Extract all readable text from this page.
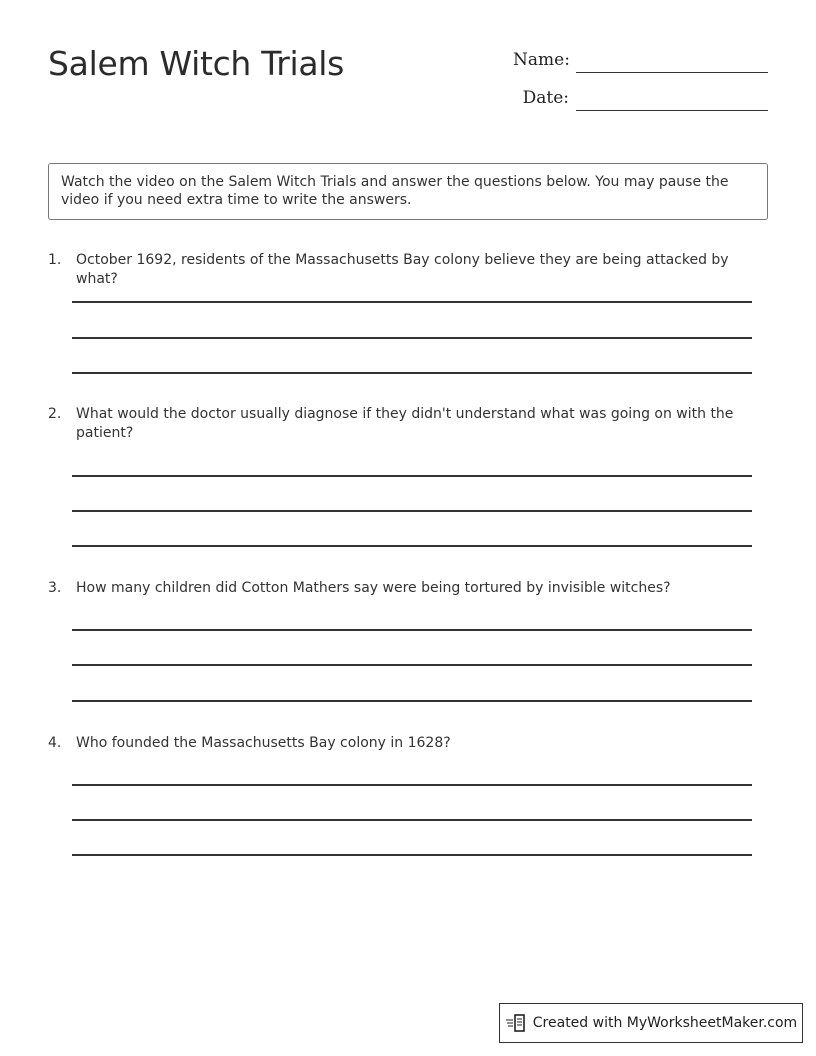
Salem Witch Trials	Name:
Date:
Watch the video on the Salem Witch Trials and answer the questions below. You may pause the video if you need extra time to write the answers.
1.	October 1692, residents of the Massachusetts Bay colony believe they are being attacked by what?
2.	What would the doctor usually diagnose if they didn't understand what was going on with the patient?
3.	How many children did Cotton Mathers say were being tortured by invisible witches?
4.	Who founded the Massachusetts Bay colony in 1628?
Created with MyWorksheetMaker.com
